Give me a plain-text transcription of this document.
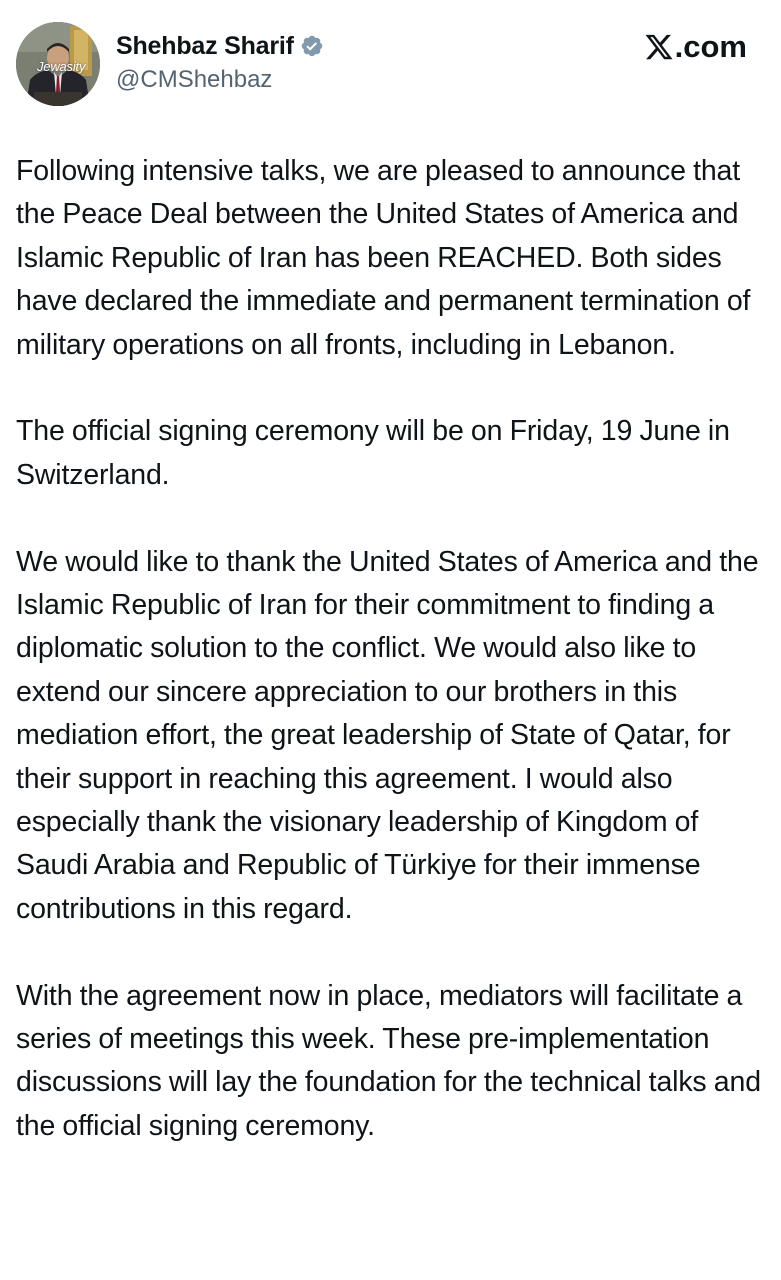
Jewasity
Shehbaz Sharif
@CMShehbaz
.com

Following intensive talks, we are pleased to announce that the Peace Deal between the United States of America and Islamic Republic of Iran has been REACHED. Both sides have declared the immediate and permanent termination of military operations on all fronts, including in Lebanon.

The official signing ceremony will be on Friday, 19 June in Switzerland.

We would like to thank the United States of America and the Islamic Republic of Iran for their commitment to finding a diplomatic solution to the conflict. We would also like to extend our sincere appreciation to our brothers in this mediation effort, the great leadership of State of Qatar, for their support in reaching this agreement. I would also especially thank the visionary leadership of Kingdom of Saudi Arabia and Republic of Türkiye for their immense contributions in this regard.

With the agreement now in place, mediators will facilitate a series of meetings this week. These pre-implementation discussions will lay the foundation for the technical talks and the official signing ceremony.
